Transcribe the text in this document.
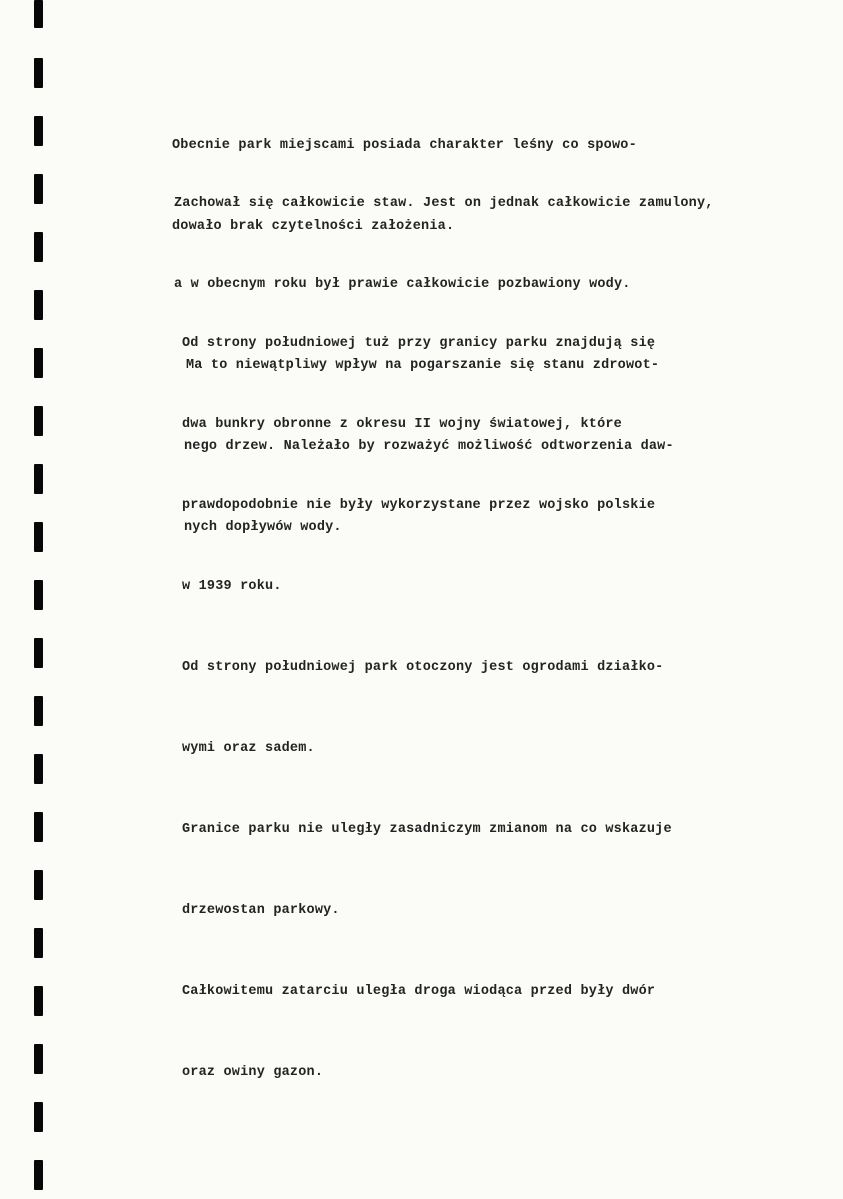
Obecnie park miejscami posiada charakter leśny co spowo-

dowało brak czytelności założenia.

Zachował się całkowicie staw. Jest on jednak całkowicie zamulony,

a w obecnym roku był prawie całkowicie pozbawiony wody.

Ma to niewątpliwy wpływ na pogarszanie się stanu zdrowot-

nego drzew. Należało by rozważyć możliwość odtworzenia daw-

nych dopływów wody.

Od strony południowej tuż przy granicy parku znajdują się

dwa bunkry obronne z okresu II wojny światowej, które

prawdopodobnie nie były wykorzystane przez wojsko polskie

w 1939 roku.

Od strony południowej park otoczony jest ogrodami działko-

wymi oraz sadem.

Granice parku nie uległy zasadniczym zmianom na co wskazuje

drzewostan parkowy.

Całkowitemu zatarciu uległa droga wiodąca przed były dwór

oraz owiny gazon.
